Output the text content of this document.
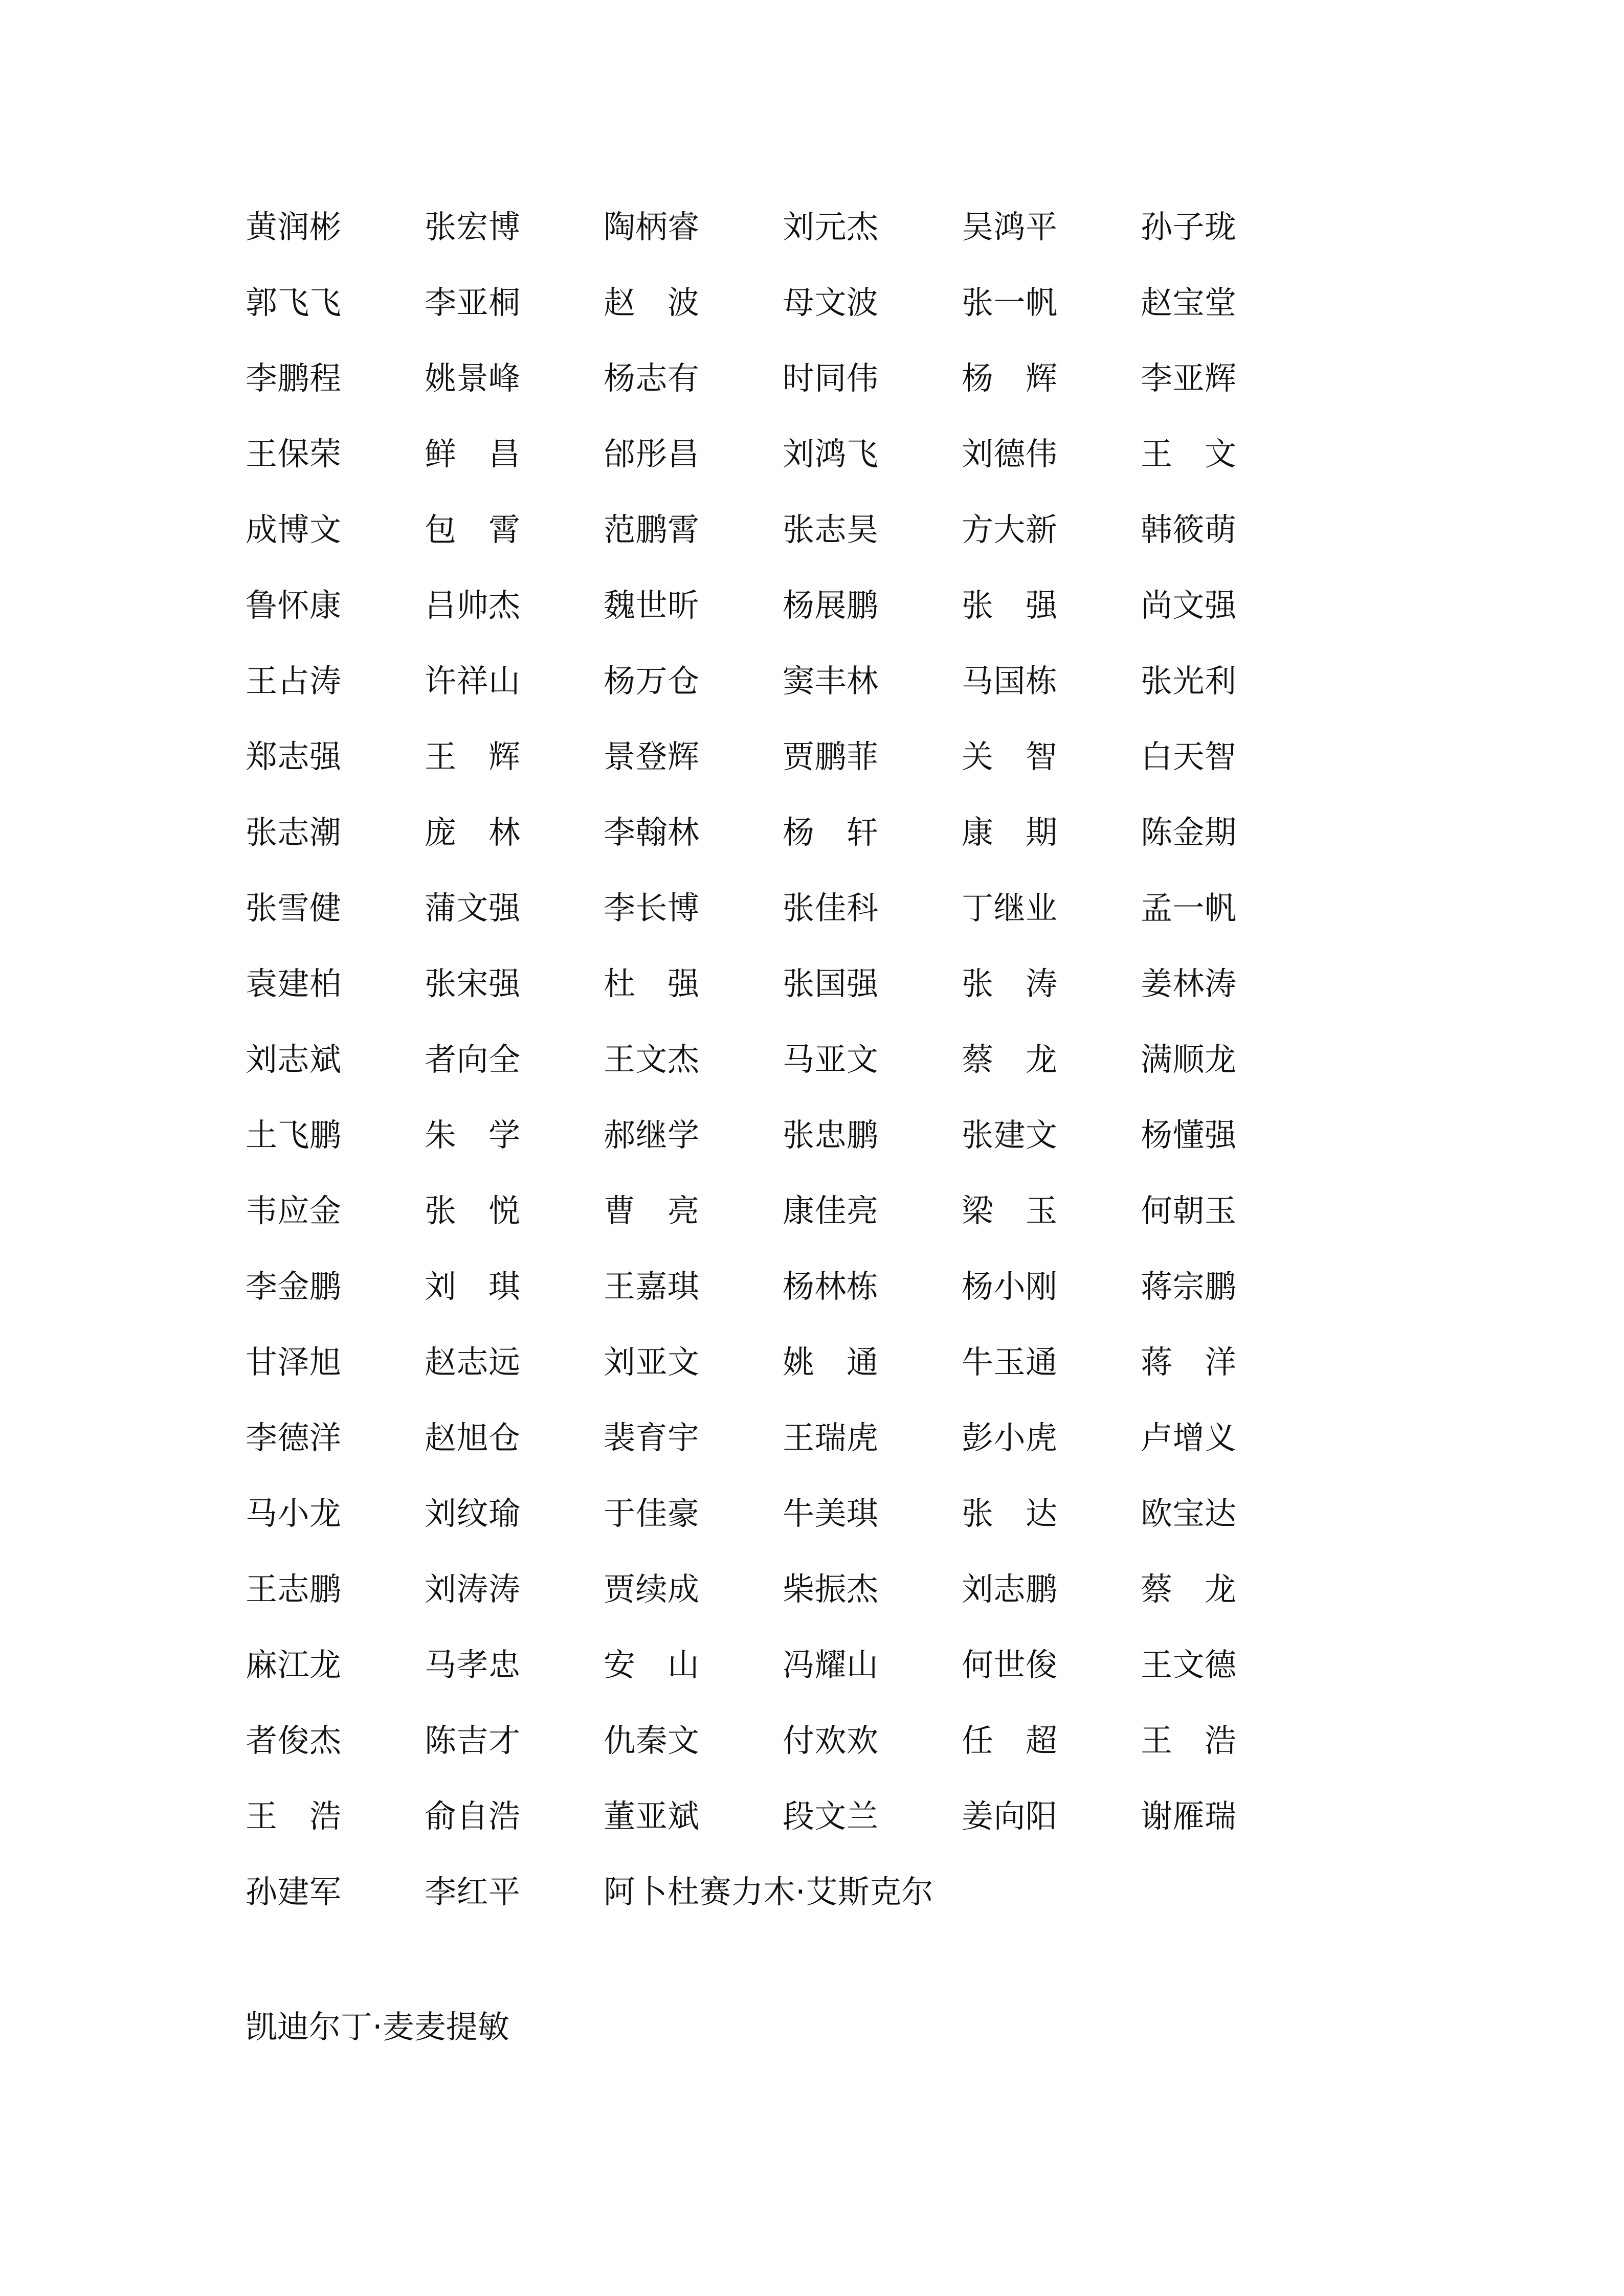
黄润彬	张宏博	陶柄睿	刘元杰	吴鸿平	孙子珑
郭飞飞	李亚桐	赵　波	母文波	张一帆	赵宝堂
李鹏程	姚景峰	杨志有	时同伟	杨　辉	李亚辉
王保荣	鲜　昌	邰彤昌	刘鸿飞	刘德伟	王　文
成博文	包　霄	范鹏霄	张志昊	方大新	韩筱萌
鲁怀康	吕帅杰	魏世昕	杨展鹏	张　强	尚文强
王占涛	许祥山	杨万仓	窦丰林	马国栋	张光利
郑志强	王　辉	景登辉	贾鹏菲	关　智	白天智
张志潮	庞　林	李翰林	杨　轩	康　期	陈金期
张雪健	蒲文强	李长博	张佳科	丁继业	孟一帆
袁建柏	张宋强	杜　强	张国强	张　涛	姜林涛
刘志斌	者向全	王文杰	马亚文	蔡　龙	满顺龙
土飞鹏	朱　学	郝继学	张忠鹏	张建文	杨懂强
韦应金	张　悦	曹　亮	康佳亮	梁　玉	何朝玉
李金鹏	刘　琪	王嘉琪	杨林栋	杨小刚	蒋宗鹏
甘泽旭	赵志远	刘亚文	姚　通	牛玉通	蒋　洋
李德洋	赵旭仓	裴育宇	王瑞虎	彭小虎	卢增义
马小龙	刘纹瑜	于佳豪	牛美琪	张　达	欧宝达
王志鹏	刘涛涛	贾续成	柴振杰	刘志鹏	蔡　龙
麻江龙	马孝忠	安　山	冯耀山	何世俊	王文德
者俊杰	陈吉才	仇秦文	付欢欢	任　超	王　浩
王　浩	俞自浩	董亚斌	段文兰	姜向阳	谢雁瑞
孙建军	李红平	阿卜杜赛力木·艾斯克尔			
凯迪尔丁·麦麦提敏
